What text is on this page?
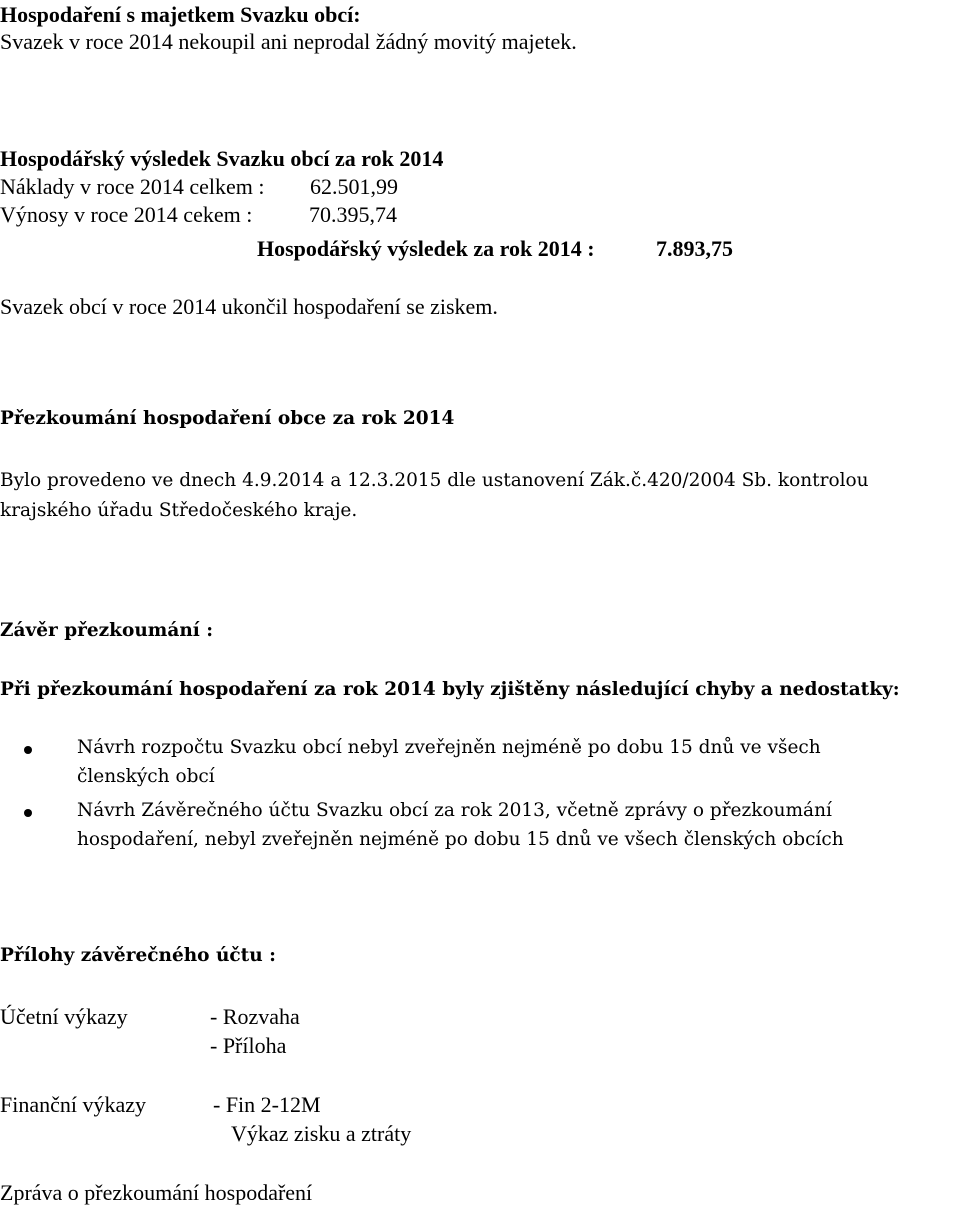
Hospodaření s majetkem Svazku obcí:
Svazek v roce 2014 nekoupil ani neprodal žádný movitý majetek.
Hospodářský výsledek Svazku obcí za rok 2014
Náklady v roce 2014 celkem : 62.501,99
Výnosy v roce 2014 cekem :	70.395,74
Hospodářský výsledek za rok 2014 :	7.893,75
Svazek obcí v roce 2014 ukončil hospodaření se ziskem.
Přezkoumání hospodaření obce za rok 2014
Bylo provedeno ve dnech 4.9.2014 a 12.3.2015 dle ustanovení Zák.č.420/2004 Sb. kontrolou
krajského úřadu Středočeského kraje.
Závěr přezkoumání :
Při přezkoumání hospodaření za rok 2014 byly zjištěny následující chyby a nedostatky:
Návrh rozpočtu Svazku obcí nebyl zveřejněn nejméně po dobu 15 dnů ve všech
členských obcí
Návrh Závěrečného účtu Svazku obcí za rok 2013, včetně zprávy o přezkoumání
hospodaření, nebyl zveřejněn nejméně po dobu 15 dnů ve všech členských obcích
Přílohy závěrečného účtu :
Účetní výkazy	- Rozvaha
- Příloha
Finanční výkazy	- Fin 2-12M
Výkaz zisku a ztráty
Zpráva o přezkoumání hospodaření
